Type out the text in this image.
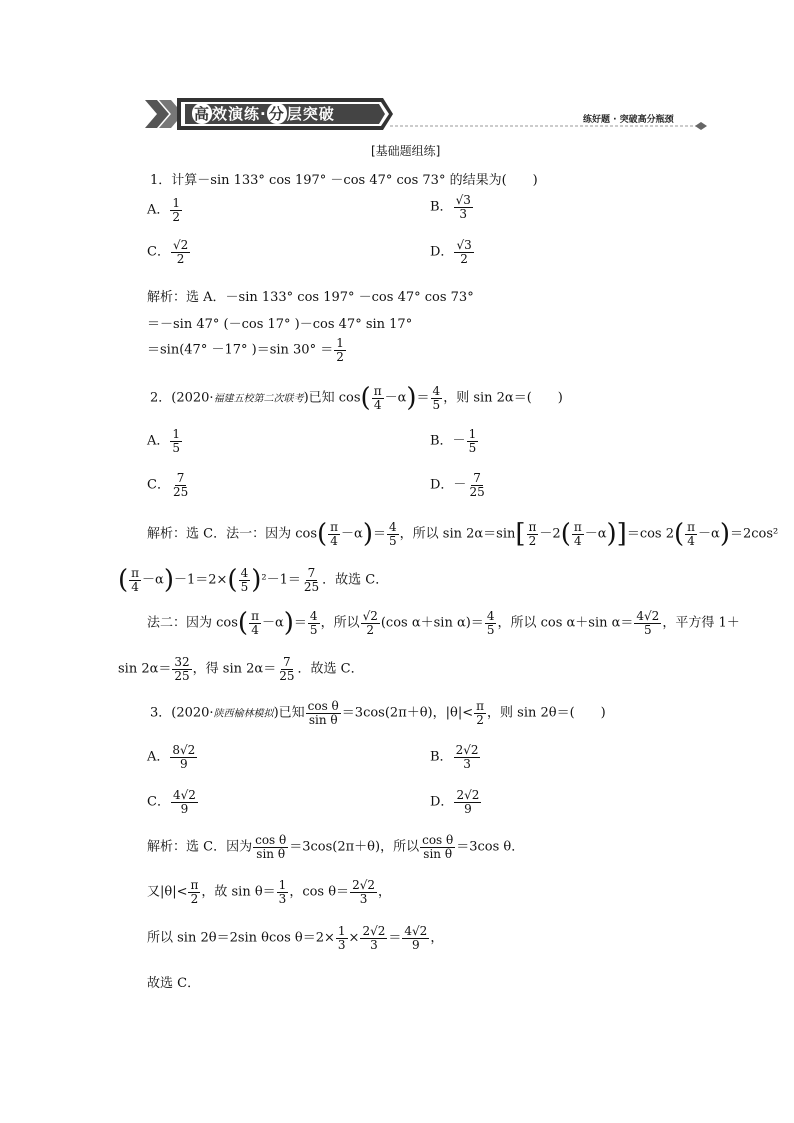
高 效演练· 分 层突破	练好题 · 突破高分瓶颈
[基础题组练]
1．计算－sin 133° cos 197° －cos 47° cos 73° 的结果为(　　)
A． $\frac{1}{2}$	B． $\frac{√3}{3}$
C． $\frac{√2}{2}$	D． $\frac{√3}{2}$
解析：选 A．－sin 133° cos 197° －cos 47° cos 73°
＝－sin 47° (－cos 17° )－cos 47° sin 17°
＝sin(47° －17° )＝sin $30^\circ = \frac{1}{2}$
2．(2020·福建五校第二次联考)已知 $\cos( \frac{\pi}{4} -\alpha)= \frac{4}{5}$ ，则 sin 2α＝(　　)
A． $\frac{1}{5}$	B．－ $\frac{1}{5}$
C． $\frac{7}{25}$	D．－ $\frac{7}{25}$
解析：选 C．法一：因为 $\cos( \frac{\pi}{4} -\alpha)= \frac{4}{5}$ ，所以 $\sin 2\alpha=\sin[ \frac{\pi}{2} -2( \frac{\pi}{4} -\alpha)]=\cos$ $2( \frac{\pi}{4} -\alpha)=2\cos^2$
( $\frac{\pi}{4} -\alpha)-1=2\times( \frac{4}{5} )^2-1= \frac{7}{25}$ ．故选 C．
法二：因为 $\cos( \frac{\pi}{4} -\alpha)= \frac{4}{5}$ ，所以 $\frac{√2}{2} (\cos$ α＋sin $\alpha)= \frac{4}{5}$ ，所以 cos α＋sin $\alpha= \frac{4√2}{5}$ ，平方得 1＋
$\sin 2\alpha= \frac{32}{25}$ ，得 $\sin 2\alpha= \frac{7}{25}$ ．故选 C．
3．(2020·陕西榆林模拟)已知 $\frac{\text{cos θ}}{\text{sin θ}} =3\cos(2\pi+\theta)$，$|\theta|< \frac{\pi}{2}$ ，则 sin 2θ＝(　　)
A． $\frac{8√2}{9}$	B． $\frac{2√2}{3}$
C． $\frac{4√2}{9}$	D． $\frac{2√2}{9}$
解析：选 C．因为 $\frac{\text{cos θ}}{\text{sin θ}} =3\cos(2\pi+\theta)$，所以 $\frac{\text{cos θ}}{\text{sin θ}} =3\cos$ θ．
又$|\theta|< \frac{\pi}{2}$ ，故 $\sin \theta= \frac{1}{3}$ ，$\cos \theta= \frac{2√2}{3}$ ，
所以 sin 2θ＝2sin θcos $\theta=2\times \frac{1}{3} \times \frac{2√2}{3} = \frac{4√2}{9}$ ，
故选 C．
